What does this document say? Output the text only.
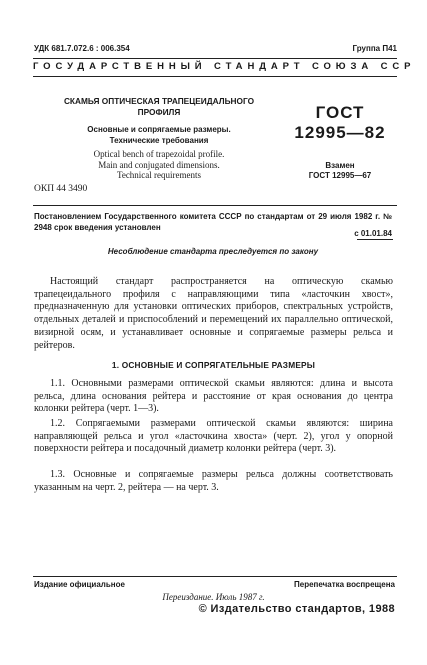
УДК 681.7.072.6 : 006.354	Группа П41
ГОСУДАРСТВЕННЫЙ СТАНДАРТ СОЮЗА ССР
СКАМЬЯ ОПТИЧЕСКАЯ ТРАПЕЦЕИДАЛЬНОГО
ПРОФИЛЯ
Основные и сопрягаемые размеры.
Технические требования
Optical bench of trapezoidal profile.
Main and conjugated dimensions.
Technical requirements
ГОСТ
12995—82
Взамен
ГОСТ 12995—67
ОКП 44 3490
Постановлением Государственного комитета СССР по стандартам от 29 июля 1982 г. № 2948 срок введения установлен
с 01.01.84
Несоблюдение стандарта преследуется по закону
Настоящий стандарт распространяется на оптическую скамью трапецеидального профиля с направляющими типа «ласточкин хвост», предназначенную для установки оптических приборов, спектральных устройств, отдельных деталей и приспособлений и перемещений их параллельно оптической, визирной осям, и устанавливает основные и сопрягаемые размеры рельса и рейтеров.
1. ОСНОВНЫЕ И СОПРЯГАТЕЛЬНЫЕ РАЗМЕРЫ
1.1. Основными размерами оптической скамьи являются: длина и высота рельса, длина основания рейтера и расстояние от края основания до центра колонки рейтера (черт. 1—3).
1.2. Сопрягаемыми размерами оптической скамьи являются: ширина направляющей рельса и угол «ласточкина хвоста» (черт. 2), угол у опорной поверхности рейтера и посадочный диаметр колонки рейтера (черт. 3).
1.3. Основные и сопрягаемые размеры рельса должны соответствовать указанным на черт. 2, рейтера — на черт. 3.
Издание официальное	Перепечатка воспрещена
Переиздание. Июль 1987 г.
© Издательство стандартов, 1988
